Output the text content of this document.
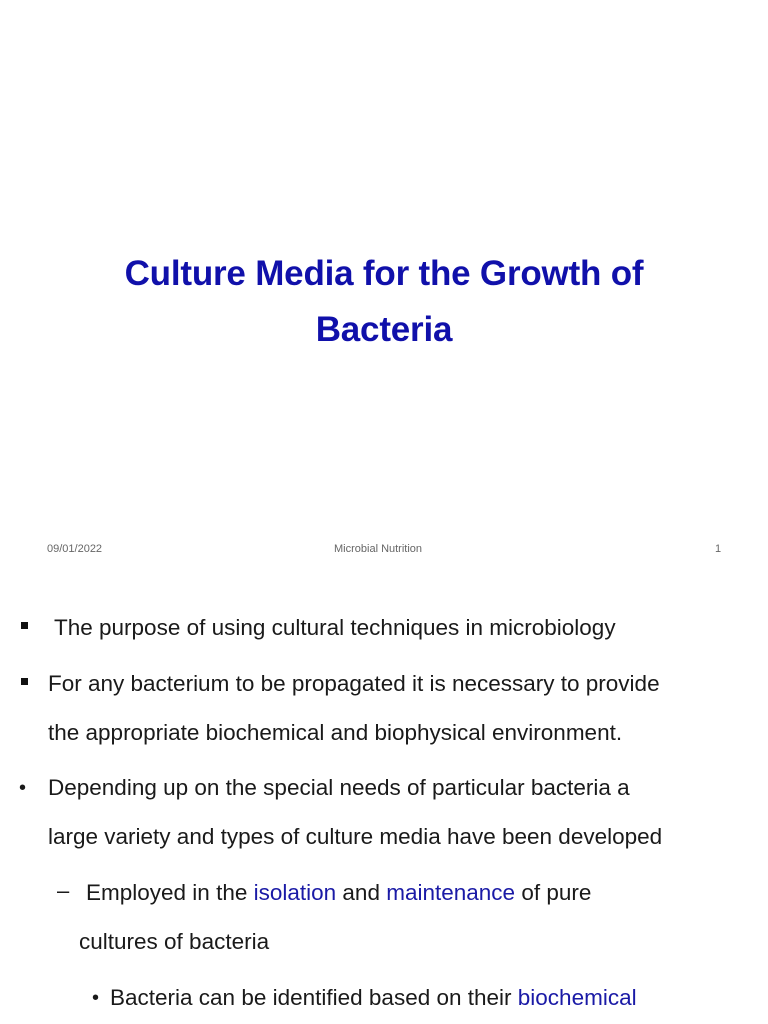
Culture Media for the Growth of
Bacteria
09/01/2022	Microbial Nutrition	1
The purpose of using cultural techniques in microbiology
For any bacterium to be propagated it is necessary to provide
the appropriate biochemical and biophysical environment.
• Depending up on the special needs of particular bacteria a
large variety and types of culture media have been developed
– Employed in the isolation and maintenance of pure
cultures of bacteria
• Bacteria can be identified based on their biochemical
